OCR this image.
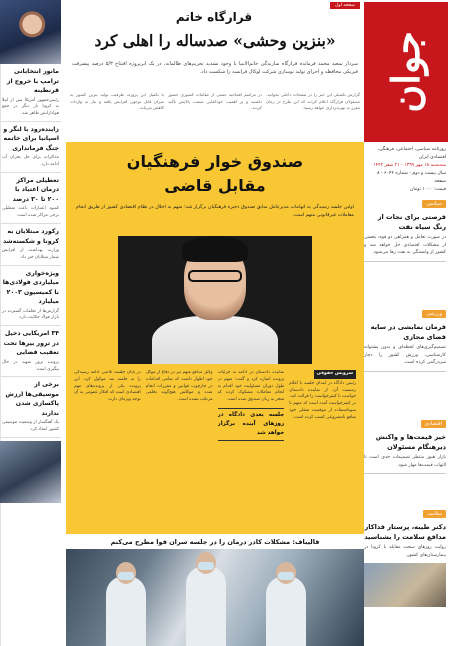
جوان
روزنامه سیاسی، اجتماعی، فرهنگی، اقتصادی ایران
سه‌شنبه ۱۸ مهر ۱۳۹۹ - ۲۱ صفر ۱۴۴۲
سال بیست و دوم - شماره ۶۰۴۴ - ۸ صفحه
قیمت: ۱۰۰۰ تومان
سیاسی
فرصتی برای نجات از رنگ سیاه نفت
در صورت تعامل و همراهی دو قوه، بخشی از مشکلات اقتصادی حل خواهد شد و کشور از وابستگی به نفت رها می‌شود.
ورزشی
فرمان نمایشی در سایه فضای مجازی
تصمیم‌گیری‌های لحظه‌ای و بدون پشتوانه کارشناسی، ورزش کشور را دچار سردرگمی کرده است.
اقتصادی
خیز قیمت‌ها و واکنش دیرهنگام مسئولان
بازار هنوز منتظر تصمیمات جدی است تا التهاب قیمت‌ها مهار شود.
سلامت
دکتر طیبه، پرستار فداکار مدافع سلامت را بشناسید
روایت روزهای سخت مقابله با کرونا در بیمارستان‌های کشور.
صفحه اول
قرارگاه خاتم
«بنزین وحشی» صدساله را اهلی کرد
سردار سعید محمد فرمانده قرارگاه سازندگی خاتم‌الانبیا با وجود تشدید تحریم‌های ظالمانه، در یک ابرپروژه افتتاح ۵/۳ درصد پیشرفت فیزیکی محافظه و اجرای تولید نوسازی شرکت لوکال فرانسه را شکست داد.
گزارش تکمیلی این خبر را در صفحات داخلی بخوانید. مسئولان قرارگاه اعلام کردند که این طرح در زمان مقرر به بهره‌برداری خواهد رسید.
در مراسم افتتاحیه جمعی از مقامات کشوری حضور داشتند و بر اهمیت خودکفایی صنعت پالایش تأکید کردند.
با تکمیل این پروژه، ظرفیت تولید بنزین کشور به میزان قابل توجهی افزایش یافته و نیاز به واردات کاهش می‌یابد.
صندوق خوار فرهنگیان
مقابل قاضی
اولین جلسه رسیدگی به اتهامات مدیرعامل سابق صندوق ذخیره فرهنگیان برگزار شد؛ متهم به اخلال در نظام اقتصادی کشور از طریق انجام معاملات غیرقانونی متهم است.
سرویس حقوقی
رئیس دادگاه در ابتدای جلسه با اعلام رسمیت آن، از نماینده دادستان خواست تا کیفرخواست را قرائت کند. در کیفرخواست آمده است که متهم با سوءاستفاده از موقعیت شغلی خود منافع نامشروعی کسب کرده است.
نماینده دادستان در ادامه به جزئیات پرونده اشاره کرد و گفت: متهم در طول دوران مسئولیت خود اقدام به انجام معاملات مشکوک کرده که منجر به زیان صندوق شده است.
جلسه بعدی دادگاه در روزهای آینده برگزار خواهد شد
وکیل مدافع متهم نیز در دفاع از موکل خود اظهار داشت که تمامی اقدامات در چارچوب قوانین و مقررات انجام شده و موکلش هیچ‌گونه تخلفی مرتکب نشده است.
در پایان جلسه، قاضی ادامه رسیدگی را به جلسه بعد موکول کرد. این پرونده یکی از پرونده‌های مهم اقتصادی است که افکار عمومی به آن توجه ویژه‌ای دارند.
قالیباف: مشکلات کادر درمان را در جلسه سران قوا مطرح می‌کنم
مانور انتخاباتی ترامپ با خروج از قرنطینه
رئیس‌جمهور آمریکا پس از ابتلا به کرونا بار دیگر در جمع هوادارانش ظاهر شد.
زاینده‌رود با لنگر و اسپانیا برای خاتمه جنگ فرمانداری
مذاکرات برای حل بحران آب ادامه دارد.
تعطیلی مراکز درمان اعتیاد با ۲۰۰ تا ۳۰ درصد
کمبود اعتبارات باعث تعطیلی برخی مراکز شده است.
رکورد مبتلایان به کرونا و شکسته‌شد
وزارت بهداشت از افزایش شمار مبتلایان خبر داد.
ویژه‌خواری میلیاردی فولادی‌ها با کمیسیون ۲۰۰۳ میلیارد
گزارش‌ها از تخلفات گسترده در بازار فولاد حکایت دارد.
۳۴ امریکایی دخیل در ترور بیرها تحت تعقیب قضایی
پرونده ترور شهید در حال پیگیری است.
برخی از موسیقی‌ها ارزش پاکسازی شدن ندارند
یک آهنگساز از وضعیت موسیقی کشور انتقاد کرد.
